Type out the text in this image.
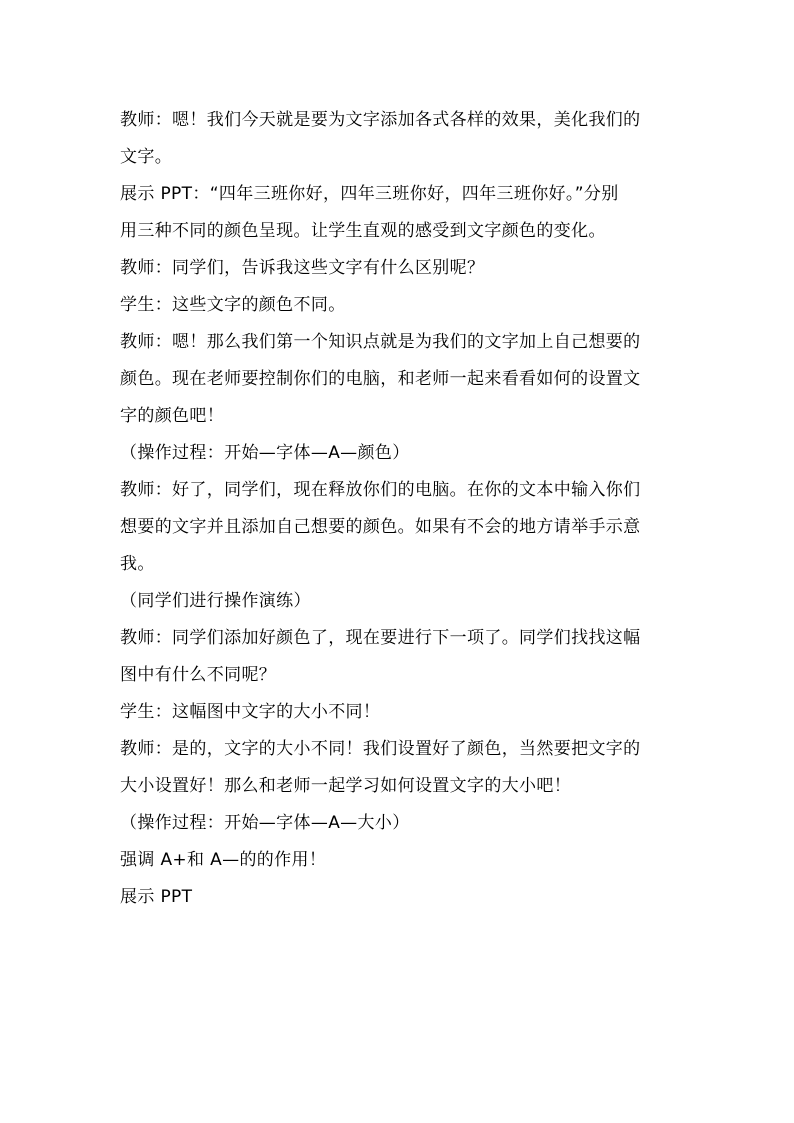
教师：嗯！我们今天就是要为文字添加各式各样的效果，美化我们的
文字。
展示 PPT：“四年三班你好，四年三班你好，四年三班你好。”分别
用三种不同的颜色呈现。让学生直观的感受到文字颜色的变化。
教师：同学们，告诉我这些文字有什么区别呢？
学生：这些文字的颜色不同。
教师：嗯！那么我们第一个知识点就是为我们的文字加上自己想要的
颜色。现在老师要控制你们的电脑，和老师一起来看看如何的设置文
字的颜色吧！
（操作过程：开始—字体—A—颜色）
教师：好了，同学们，现在释放你们的电脑。在你的文本中输入你们
想要的文字并且添加自己想要的颜色。如果有不会的地方请举手示意
我。
（同学们进行操作演练）
教师：同学们添加好颜色了，现在要进行下一项了。同学们找找这幅
图中有什么不同呢？
学生：这幅图中文字的大小不同！
教师：是的，文字的大小不同！我们设置好了颜色，当然要把文字的
大小设置好！那么和老师一起学习如何设置文字的大小吧！
（操作过程：开始—字体—A—大小）
强调 A+和 A—的的作用！
展示 PPT
